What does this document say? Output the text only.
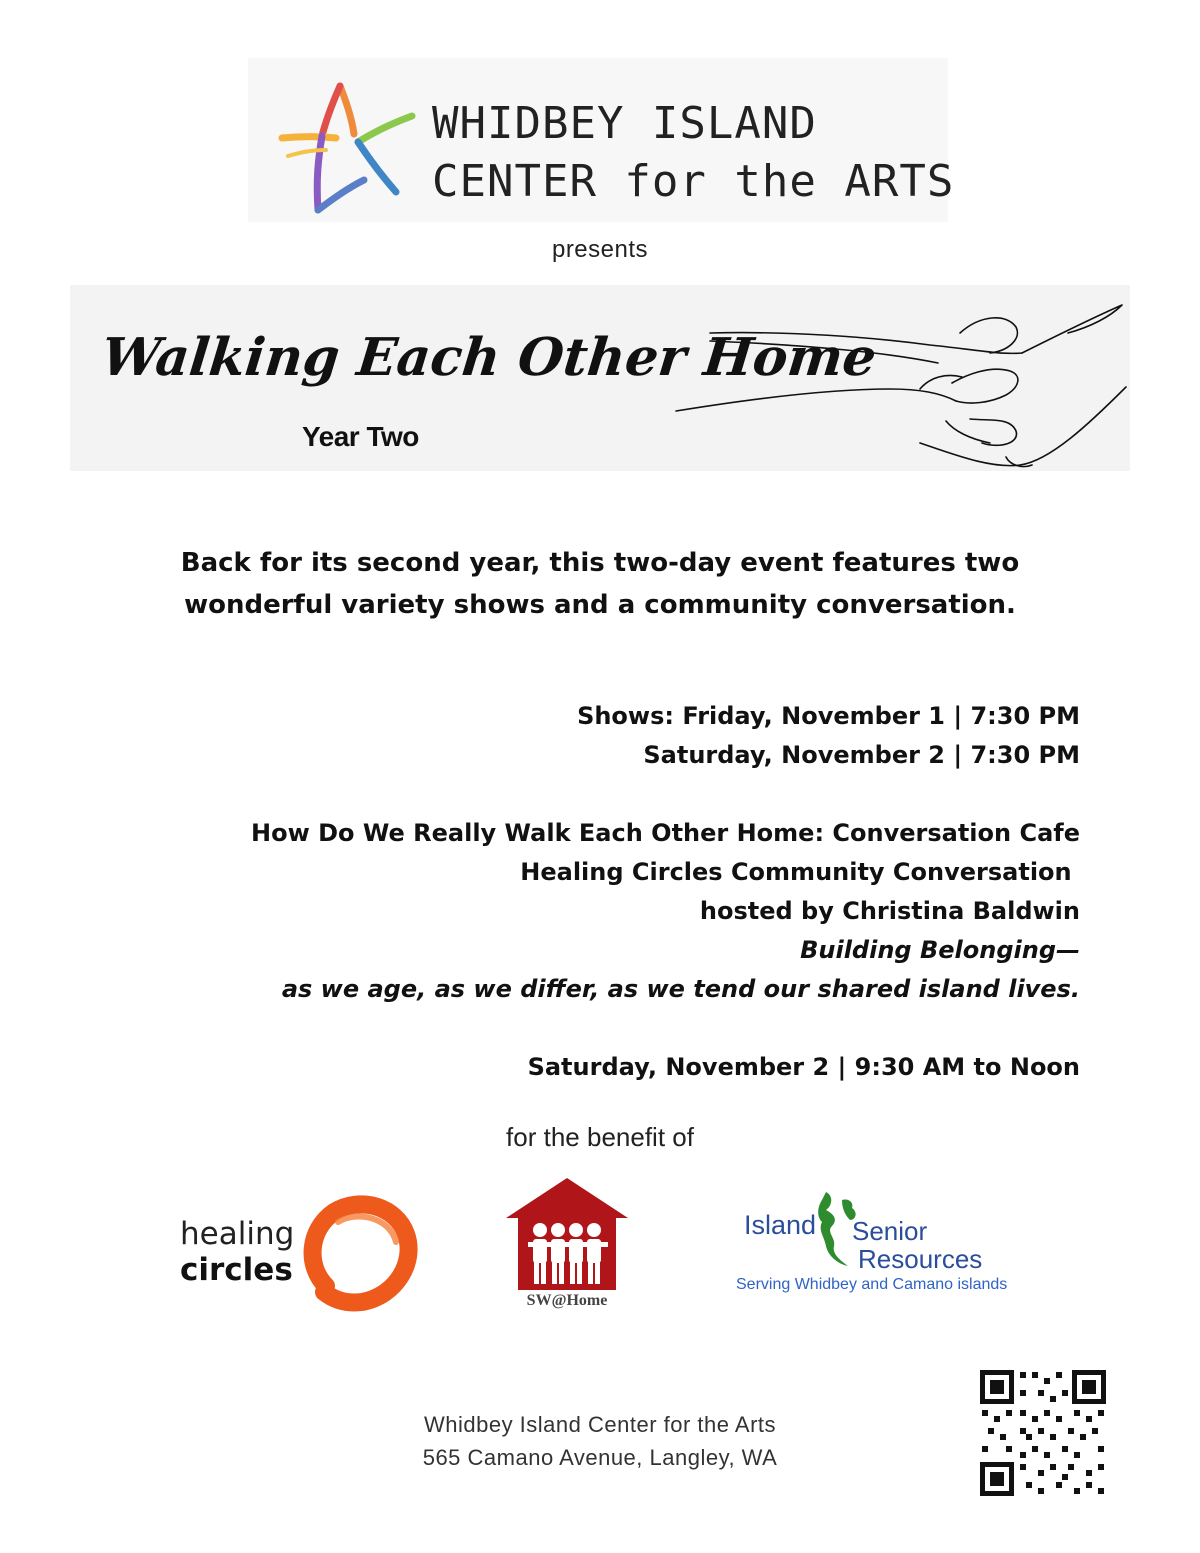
WHIDBEY ISLAND
CENTER for the ARTS
presents
Walking Each Other Home
Year Two
Back for its second year, this two-day event features two
wonderful variety shows and a community conversation.
Shows: Friday, November 1 | 7:30 PM
Saturday, November 2 | 7:30 PM
How Do We Really Walk Each Other Home: Conversation Cafe
Healing Circles Community Conversation
hosted by Christina Baldwin
Building Belonging—
as we age, as we differ, as we tend our shared island lives.
Saturday, November 2 | 9:30 AM to Noon
for the benefit of
healing
circles
SW@Home
Island Senior
Resources
Serving Whidbey and Camano islands
Whidbey Island Center for the Arts
565 Camano Avenue, Langley, WA
